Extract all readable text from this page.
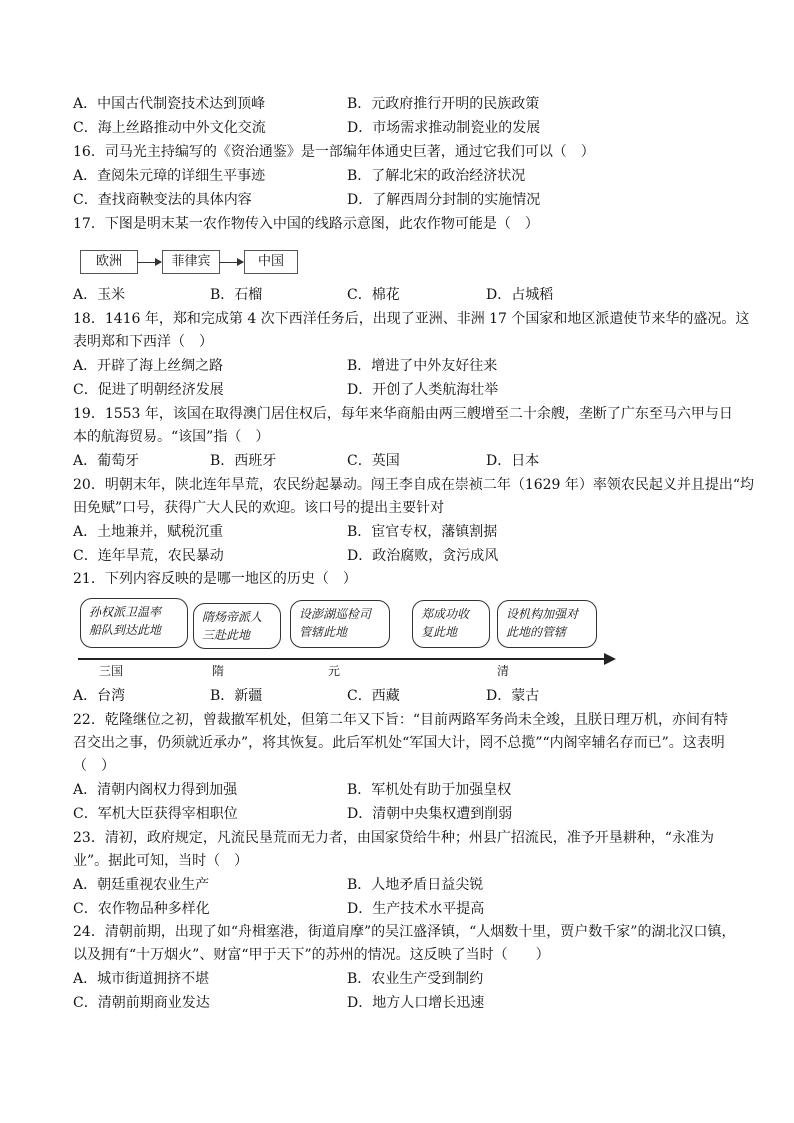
A．中国古代制瓷技术达到顶峰	B．元政府推行开明的民族政策
C．海上丝路推动中外文化交流	D．市场需求推动制瓷业的发展
16．司马光主持编写的《资治通鉴》是一部编年体通史巨著，通过它我们可以（　）
A．查阅朱元璋的详细生平事迹	B．了解北宋的政治经济状况
C．查找商鞅变法的具体内容	D．了解西周分封制的实施情况
17．下图是明末某一农作物传入中国的线路示意图，此农作物可能是（　）
欧洲	菲律宾	中国
A．玉米	B．石榴	C．棉花	D．占城稻
18．1416 年，郑和完成第 4 次下西洋任务后，出现了亚洲、非洲 17 个国家和地区派遣使节来华的盛况。这
表明郑和下西洋（　）
A．开辟了海上丝绸之路	B．增进了中外友好往来
C．促进了明朝经济发展	D．开创了人类航海壮举
19．1553 年，该国在取得澳门居住权后，每年来华商船由两三艘增至二十余艘，垄断了广东至马六甲与日
本的航海贸易。“该国”指（　）
A．葡萄牙	B．西班牙	C．英国	D．日本
20．明朝末年，陕北连年旱荒，农民纷起暴动。闯王李自成在崇祯二年（1629 年）率领农民起义并且提出“均
田免赋”口号，获得广大人民的欢迎。该口号的提出主要针对
A．土地兼并，赋税沉重	B．宦官专权，藩镇割据
C．连年旱荒，农民暴动	D．政治腐败，贪污成风
21．下列内容反映的是哪一地区的历史（　）
孙权派卫温率
船队到达此地
隋炀帝派人
三赴此地
设澎湖巡检司
管辖此地
郑成功收
复此地
设机构加强对
此地的管辖
三国	隋	元	清
A．台湾	B．新疆	C．西藏	D．蒙古
22．乾隆继位之初，曾裁撤军机处，但第二年又下旨：“目前两路军务尚未全竣，且朕日理万机，亦间有特
召交出之事，仍须就近承办”，将其恢复。此后军机处“军国大计，罔不总揽”“内阁宰辅名存而已”。这表明
（　）
A．清朝内阁权力得到加强	B．军机处有助于加强皇权
C．军机大臣获得宰相职位	D．清朝中央集权遭到削弱
23．清初，政府规定，凡流民垦荒而无力者，由国家贷给牛种；州县广招流民，准予开垦耕种，“永准为
业”。据此可知，当时（　）
A．朝廷重视农业生产	B．人地矛盾日益尖锐
C．农作物品种多样化	D．生产技术水平提高
24．清朝前期，出现了如“舟楫塞港，街道肩摩”的吴江盛泽镇，“人烟数十里，贾户数千家”的湖北汉口镇，
以及拥有“十万烟火”、财富“甲于天下”的苏州的情况。这反映了当时（　　）
A．城市街道拥挤不堪	B．农业生产受到制约
C．清朝前期商业发达	D．地方人口增长迅速
